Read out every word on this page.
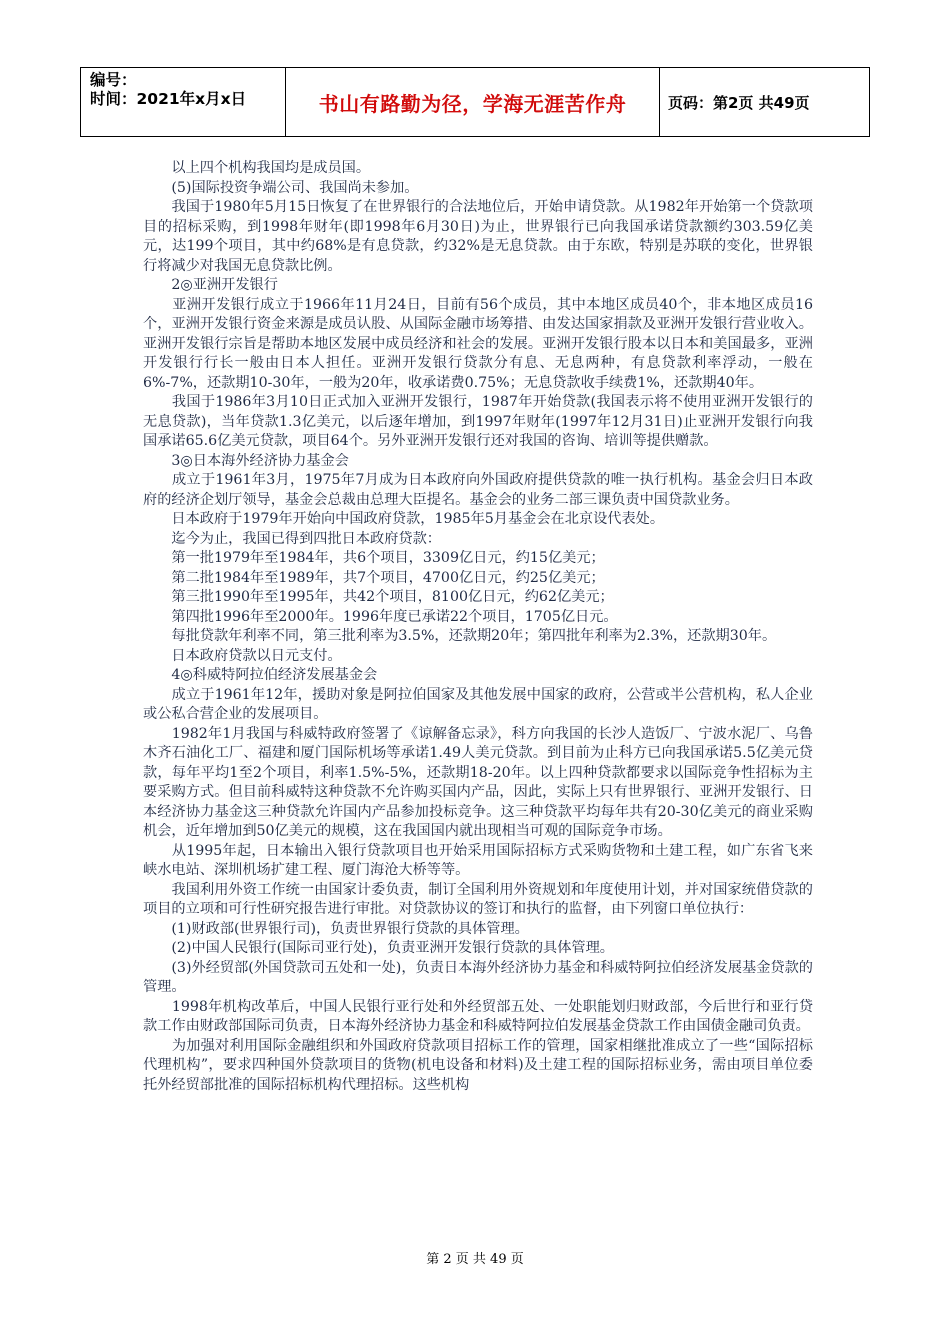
编号：
时间：2021年x月x日	书山有路勤为径，学海无涯苦作舟	页码：第2页 共49页

　　以上四个机构我国均是成员国。

　　(5)国际投资争端公司、我国尚未参加。

　　我国于1980年5月15日恢复了在世界银行的合法地位后，开始申请贷款。从1982年开始第一个贷款项目的招标采购，到1998年财年(即1998年6月30日)为止，世界银行已向我国承诺贷款额约303.59亿美元，达199个项目，其中约68%是有息贷款，约32%是无息贷款。由于东欧，特别是苏联的变化，世界银行将减少对我国无息贷款比例。

　　2◎亚洲开发银行

　　亚洲开发银行成立于1966年11月24日，目前有56个成员，其中本地区成员40个，非本地区成员16个，亚洲开发银行资金来源是成员认股、从国际金融市场筹措、由发达国家捐款及亚洲开发银行营业收入。亚洲开发银行宗旨是帮助本地区发展中成员经济和社会的发展。亚洲开发银行股本以日本和美国最多，亚洲开发银行行长一般由日本人担任。亚洲开发银行贷款分有息、无息两种，有息贷款利率浮动，一般在6%-7%，还款期10-30年，一般为20年，收承诺费0.75%；无息贷款收手续费1%，还款期40年。

　　我国于1986年3月10日正式加入亚洲开发银行，1987年开始贷款(我国表示将不使用亚洲开发银行的无息贷款)，当年贷款1.3亿美元，以后逐年增加，到1997年财年(1997年12月31日)止亚洲开发银行向我国承诺65.6亿美元贷款，项目64个。另外亚洲开发银行还对我国的咨询、培训等提供赠款。

　　3◎日本海外经济协力基金会

　　成立于1961年3月，1975年7月成为日本政府向外国政府提供贷款的唯一执行机构。基金会归日本政府的经济企划厅领导，基金会总裁由总理大臣提名。基金会的业务二部三课负责中国贷款业务。

　　日本政府于1979年开始向中国政府贷款，1985年5月基金会在北京设代表处。

　　迄今为止，我国已得到四批日本政府贷款：

　　第一批1979年至1984年，共6个项目，3309亿日元，约15亿美元；

　　第二批1984年至1989年，共7个项目，4700亿日元，约25亿美元；

　　第三批1990年至1995年，共42个项目，8100亿日元，约62亿美元；

　　第四批1996年至2000年。1996年度已承诺22个项目，1705亿日元。

　　每批贷款年利率不同，第三批利率为3.5%，还款期20年；第四批年利率为2.3%，还款期30年。

　　日本政府贷款以日元支付。

　　4◎科威特阿拉伯经济发展基金会

　　成立于1961年12年，援助对象是阿拉伯国家及其他发展中国家的政府，公营或半公营机构，私人企业或公私合营企业的发展项目。

　　1982年1月我国与科威特政府签署了《谅解备忘录》，科方向我国的长沙人造饭厂、宁波水泥厂、乌鲁木齐石油化工厂、福建和厦门国际机场等承诺1.49人美元贷款。到目前为止科方已向我国承诺5.5亿美元贷款，每年平均1至2个项目，利率1.5%-5%，还款期18-20年。以上四种贷款都要求以国际竞争性招标为主要采购方式。但目前科威特这种贷款不允许购买国内产品，因此，实际上只有世界银行、亚洲开发银行、日本经济协力基金这三种贷款允许国内产品参加投标竞争。这三种贷款平均每年共有20-30亿美元的商业采购机会，近年增加到50亿美元的规模，这在我国国内就出现相当可观的国际竞争市场。

　　从1995年起，日本输出入银行贷款项目也开始采用国际招标方式采购货物和土建工程，如广东省飞来峡水电站、深圳机场扩建工程、厦门海沧大桥等等。

　　我国利用外资工作统一由国家计委负责，制订全国利用外资规划和年度使用计划，并对国家统借贷款的项目的立项和可行性研究报告进行审批。对贷款协议的签订和执行的监督，由下列窗口单位执行：

　　(1)财政部(世界银行司)，负责世界银行贷款的具体管理。

　　(2)中国人民银行(国际司亚行处)，负责亚洲开发银行贷款的具体管理。

　　(3)外经贸部(外国贷款司五处和一处)，负责日本海外经济协力基金和科威特阿拉伯经济发展基金贷款的管理。

　　1998年机构改革后，中国人民银行亚行处和外经贸部五处、一处职能划归财政部，今后世行和亚行贷款工作由财政部国际司负责，日本海外经济协力基金和科威特阿拉伯发展基金贷款工作由国债金融司负责。

　　为加强对利用国际金融组织和外国政府贷款项目招标工作的管理，国家相继批准成立了一些“国际招标代理机构”，要求四种国外贷款项目的货物(机电设备和材料)及土建工程的国际招标业务，需由项目单位委托外经贸部批准的国际招标机构代理招标。这些机构

第 2 页 共 49 页
